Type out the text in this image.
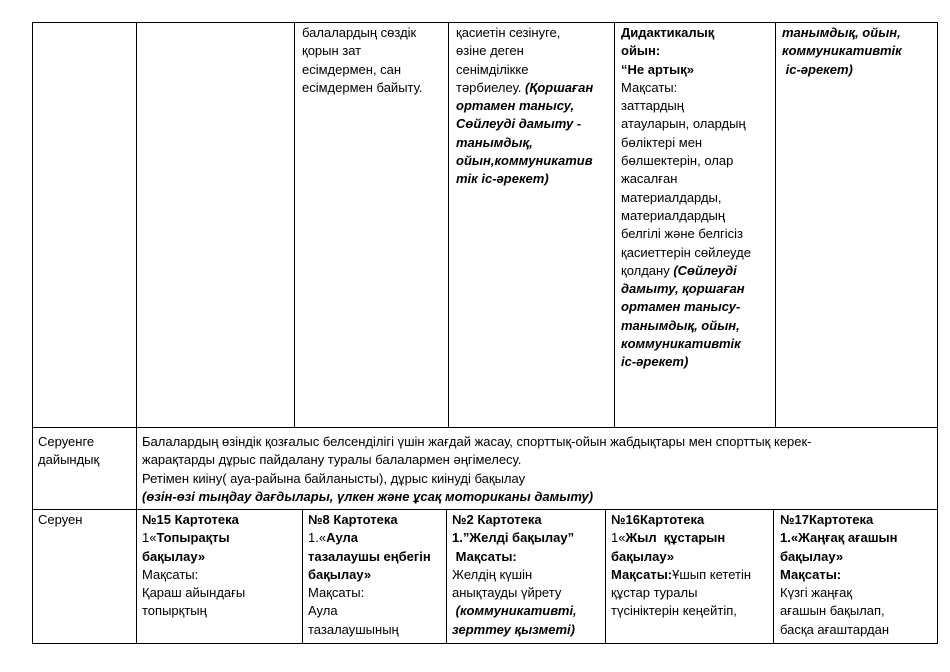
балалардың сөздік
қорын зат
есімдермен, сан
есімдермен байыту.
қасиетін сезінуге,
өзіне деген
сенімділікке
тәрбиелеу. (Қоршаған
ортамен танысу,
Сөйлеуді дамыту -
танымдық,
ойын,коммуникатив
тік іс-әрекет)
Дидактикалық
ойын:
“Не артық»
Мақсаты:
заттардың
атауларын, олардың
бөліктері мен
бөлшектерін, олар
жасалған
материалдарды,
материалдардың
белгілі және белгісіз
қасиеттерін сөйлеуде
қолдану (Сөйлеуді
дамыту, қоршаған
ортамен танысу-
танымдық, ойын,
коммуникативтік
іс-әрекет)
танымдық, ойын,
коммуникативтік
іс-әрекет)
Серуенге
дайындық
Балалардың өзіндік қозғалыс белсенділігі үшін жағдай жасау, спорттық-ойын жабдықтары мен спорттық керек-
жарақтарды дұрыс пайдалану туралы балалармен әңгімелесу.
Ретімен киіну( ауа-райына байланысты), дұрыс киінуді бақылау
(өзін-өзі тыңдау дағдылары, үлкен және ұсақ моториканы дамыту)
Серуен	№15 Картотека
1«Топырақты
бақылау»
Мақсаты:
Қараш айындағы
топырқтың
№8 Картотека
1.«Аула
тазалаушы еңбегін
бақылау»
Мақсаты:
Аула
тазалаушының
№2 Картотека
1.”Желді бақылау”
Мақсаты:
Желдің күшін
анықтауды үйрету
(коммуникативті,
зерттеу қызметі)
№16Картотека
1«Жыл  құстарын
бақылау»
Мақсаты:Ұшып кететін
құстар туралы
түсініктерін кеңейтіп,
№17Картотека
1.«Жаңғақ ағашын
бақылау»
Мақсаты:
Күзгі жаңғақ
ағашын бақылап,
басқа ағаштардан
